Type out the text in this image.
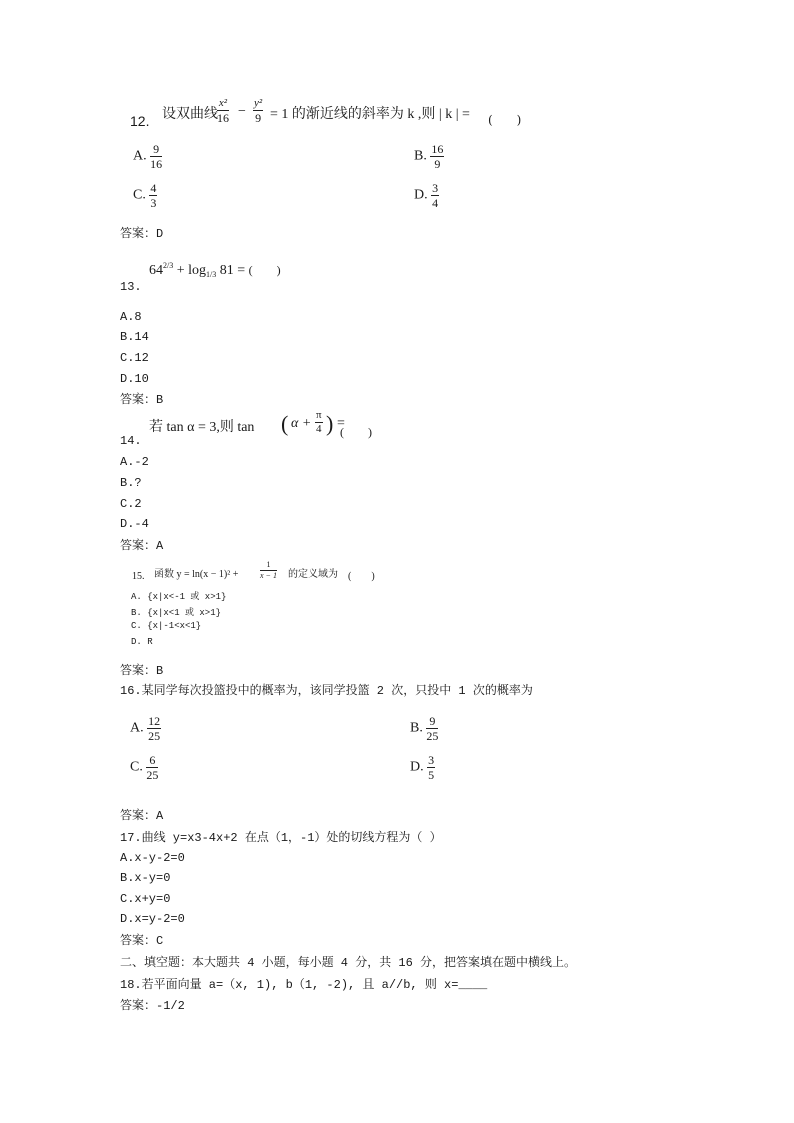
12. 设双曲线 $\frac{\text{x²}}{16} - \frac{\text{y²}}{9} = 1$ 的渐近线的斜率为 k ,则 | k | = (　　)
A. $\frac{9}{16}$	B. $\frac{16}{9}$
C. $\frac{4}{3}$	D. $\frac{3}{4}$
答案：D
$64^{2/3} + \log_{1/3} 81$ = (　　)
13.
A.8
B.14
C.12
D.10
答案：B
若 tan α = 3,则 tan ( $\alpha + \frac{\pi}{4}$ ) =
(　　)
14.
A.-2
B.?
C.2
D.-4
答案：A
15. 函数 y = ln(x − 1)² +	$\frac{1}{x - 1}$ 的定义域为 (　　)
A. {x|x<-1 或 x>1}
B. {x|x<1 或 x>1}
C. {x|-1<x<1}
D. R
答案：B
16.某同学每次投篮投中的概率为，该同学投篮 2 次，只投中 1 次的概率为
A. $\frac{12}{25}$	B. $\frac{9}{25}$
C. $\frac{6}{25}$	D. $\frac{3}{5}$
答案：A
17.曲线 y=x3-4x+2 在点（1，-1）处的切线方程为（ ）
A.x-y-2=0
B.x-y=0
C.x+y=0
D.x=y-2=0
答案：C
二、填空题：本大题共 4 小题，每小题 4 分，共 16 分，把答案填在题中横线上。
18.若平面向量 a=（x, 1), b（1, -2), 且 a//b, 则 x=____
答案：-1/2
